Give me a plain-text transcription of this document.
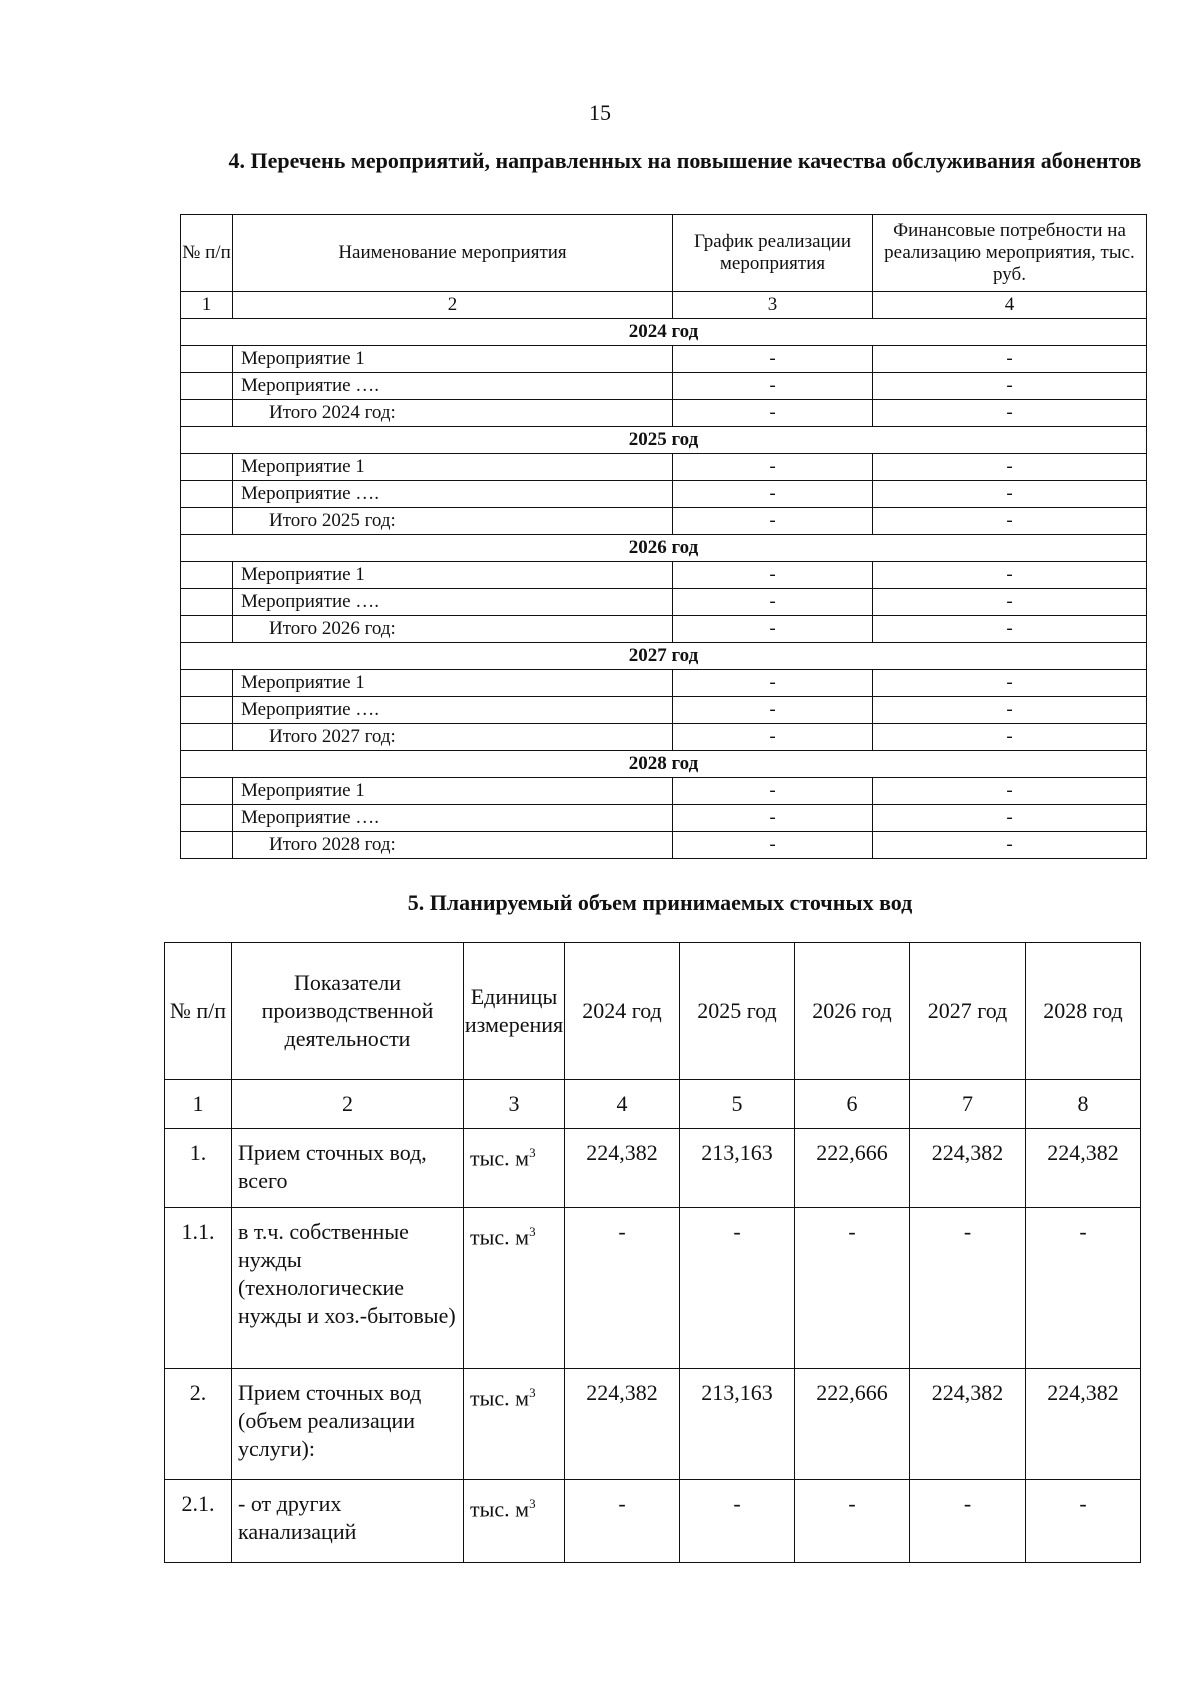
15
4. Перечень мероприятий, направленных на повышение качества обслуживания абонентов
№ п/п	Наименование мероприятия	График реализации мероприятия	Финансовые потребности на реализацию мероприятия, тыс. руб.
1	2	3	4
2024 год			
	Мероприятие 1	-	-
	Мероприятие ….	-	-
	Итого 2024 год:	-	-
2025 год			
	Мероприятие 1	-	-
	Мероприятие ….	-	-
	Итого 2025 год:	-	-
2026 год			
	Мероприятие 1	-	-
	Мероприятие ….	-	-
	Итого 2026 год:	-	-
2027 год			
	Мероприятие 1	-	-
	Мероприятие ….	-	-
	Итого 2027 год:	-	-
2028 год			
	Мероприятие 1	-	-
	Мероприятие ….	-	-
	Итого 2028 год:	-	-
5. Планируемый объем принимаемых сточных вод
№ п/п	Показатели производственной деятельности	Единицы измерения	2024 год	2025 год	2026 год	2027 год	2028 год
1	2	3	4	5	6	7	8
1.	Прием сточных вод, всего	тыс. $м^3$	224,382	213,163	222,666	224,382	224,382
1.1.	в т.ч. собственные нужды (технологические нужды и хоз.-бытовые)	тыс. $м^3$	-	-	-	-	-
2.	Прием сточных вод (объем реализации услуги):	тыс. $м^3$	224,382	213,163	222,666	224,382	224,382
2.1.	- от других канализаций	тыс. $м^3$	-	-	-	-	-
